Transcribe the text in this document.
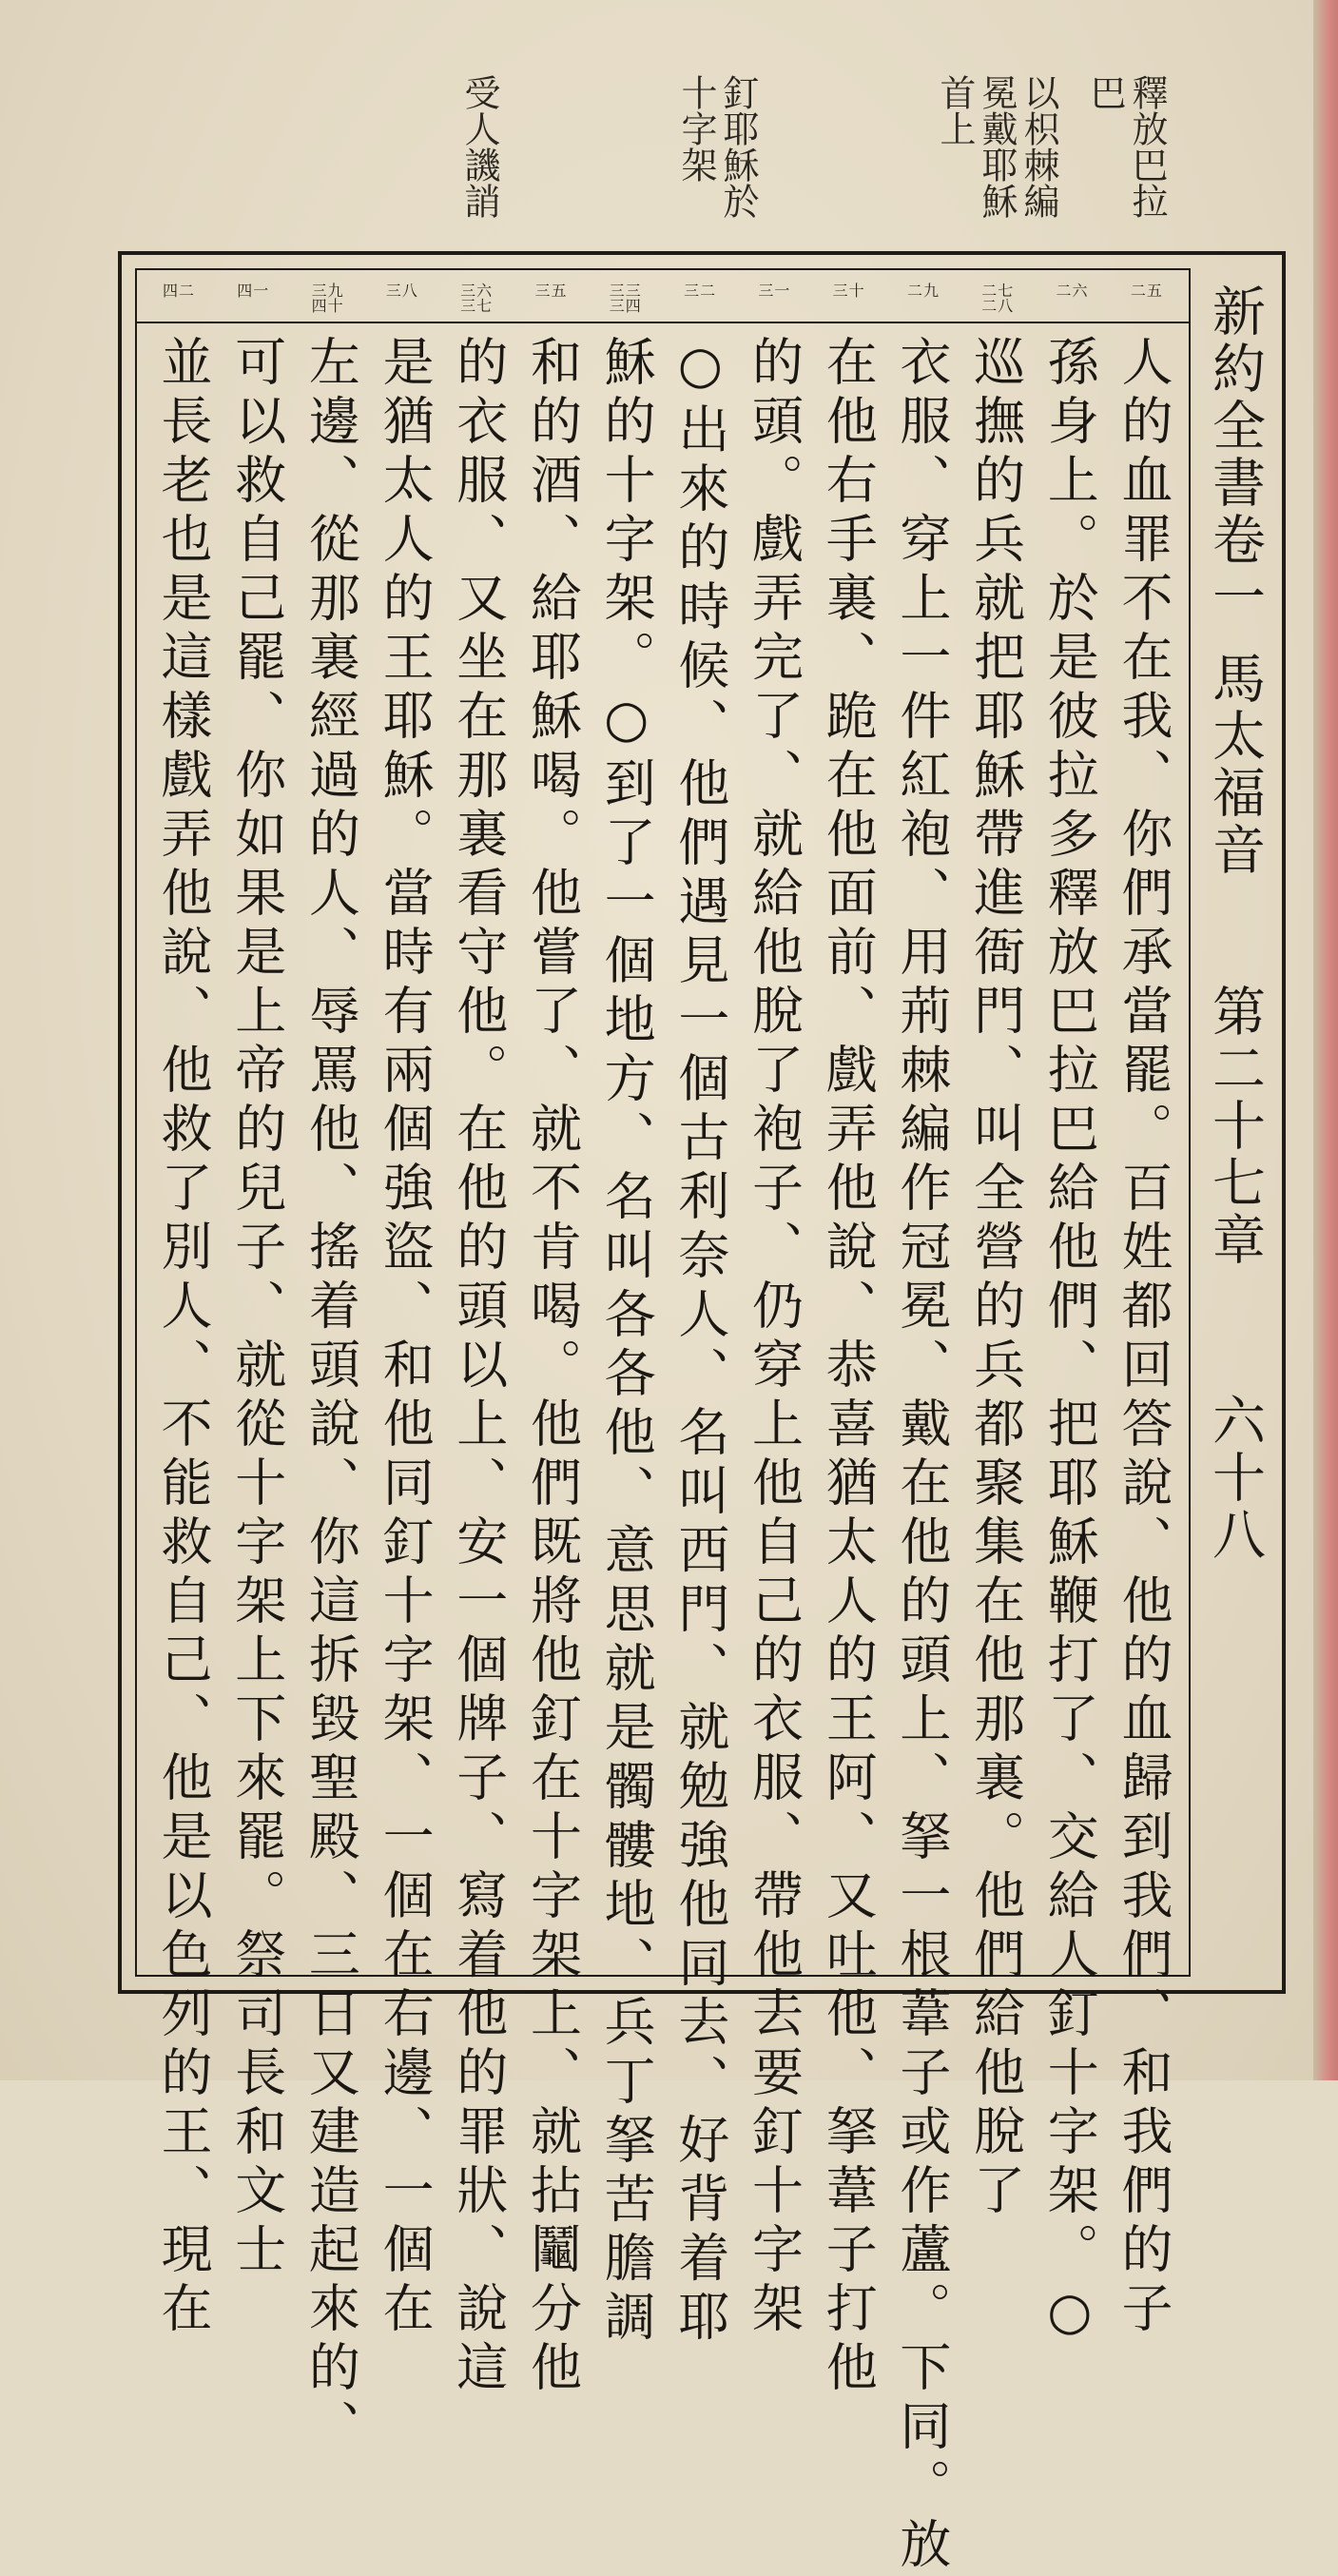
釋放巴拉
巴
以枳棘編
冕戴耶穌
首上
釘耶穌於
十字架
受人譏誚
新約全書卷一
馬太福音
第二十七章
六十八
二五
二六
二七 二八
二九
三十
三一
三二
三三 三四
三五
三六 三七
三八
三九 四十
四一
四二
人的血罪不在我、你們承當罷。百姓都回答說、他的血歸到我們、和我們的子
孫身上。於是彼拉多釋放巴拉巴給他們、把耶穌鞭打了、交給人釘十字架。○
巡撫的兵就把耶穌帶進衙門、叫全營的兵都聚集在他那裏。他們給他脫了
衣服、穿上一件紅袍、用荊棘編作冠冕、戴在他的頭上、拏一根葦子或作蘆。下同。放
在他右手裏、跪在他面前、戲弄他說、恭喜猶太人的王阿、又吐他、拏葦子打他
的頭。戲弄完了、就給他脫了袍子、仍穿上他自己的衣服、帶他去要釘十字架
○出來的時候、他們遇見一個古利奈人、名叫西門、就勉強他同去、好背着耶
穌的十字架。○到了一個地方、名叫各各他、意思就是髑髏地、兵丁拏苦膽調
和的酒、給耶穌喝。他嘗了、就不肯喝。他們既將他釘在十字架上、就拈鬮分他
的衣服、又坐在那裏看守他。在他的頭以上、安一個牌子、寫着他的罪狀、說這
是猶太人的王耶穌。當時有兩個強盜、和他同釘十字架、一個在右邊、一個在
左邊、從那裏經過的人、辱罵他、搖着頭說、你這拆毀聖殿、三日又建造起來的、
可以救自己罷、你如果是上帝的兒子、就從十字架上下來罷。祭司長和文士
並長老也是這樣戲弄他說、他救了別人、不能救自己、他是以色列的王、現在
